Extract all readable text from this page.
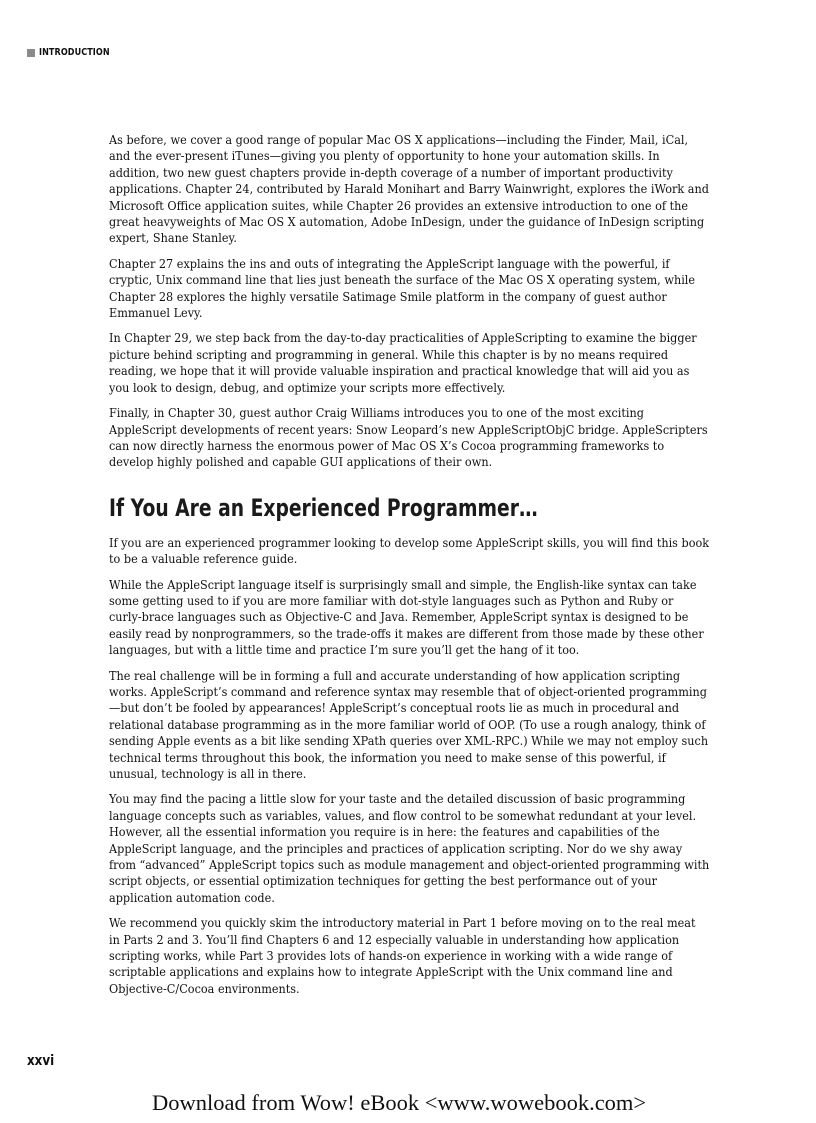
INTRODUCTION

As before, we cover a good range of popular Mac OS X applications—including the Finder, Mail, iCal, and the ever-present iTunes—giving you plenty of opportunity to hone your automation skills. In addition, two new guest chapters provide in-depth coverage of a number of important productivity applications. Chapter 24, contributed by Harald Monihart and Barry Wainwright, explores the iWork and Microsoft Office application suites, while Chapter 26 provides an extensive introduction to one of the great heavyweights of Mac OS X automation, Adobe InDesign, under the guidance of InDesign scripting expert, Shane Stanley.

Chapter 27 explains the ins and outs of integrating the AppleScript language with the powerful, if cryptic, Unix command line that lies just beneath the surface of the Mac OS X operating system, while Chapter 28 explores the highly versatile Satimage Smile platform in the company of guest author Emmanuel Levy.

In Chapter 29, we step back from the day-to-day practicalities of AppleScripting to examine the bigger picture behind scripting and programming in general. While this chapter is by no means required reading, we hope that it will provide valuable inspiration and practical knowledge that will aid you as you look to design, debug, and optimize your scripts more effectively.

Finally, in Chapter 30, guest author Craig Williams introduces you to one of the most exciting AppleScript developments of recent years: Snow Leopard’s new AppleScriptObjC bridge. AppleScripters can now directly harness the enormous power of Mac OS X’s Cocoa programming frameworks to develop highly polished and capable GUI applications of their own.

If You Are an Experienced Programmer…

If you are an experienced programmer looking to develop some AppleScript skills, you will find this book to be a valuable reference guide.

While the AppleScript language itself is surprisingly small and simple, the English-like syntax can take some getting used to if you are more familiar with dot-style languages such as Python and Ruby or curly-brace languages such as Objective-C and Java. Remember, AppleScript syntax is designed to be easily read by nonprogrammers, so the trade-offs it makes are different from those made by these other languages, but with a little time and practice I’m sure you’ll get the hang of it too.

The real challenge will be in forming a full and accurate understanding of how application scripting works. AppleScript’s command and reference syntax may resemble that of object-oriented programming—but don’t be fooled by appearances! AppleScript’s conceptual roots lie as much in procedural and relational database programming as in the more familiar world of OOP. (To use a rough analogy, think of sending Apple events as a bit like sending XPath queries over XML-RPC.) While we may not employ such technical terms throughout this book, the information you need to make sense of this powerful, if unusual, technology is all in there.

You may find the pacing a little slow for your taste and the detailed discussion of basic programming language concepts such as variables, values, and flow control to be somewhat redundant at your level. However, all the essential information you require is in here: the features and capabilities of the AppleScript language, and the principles and practices of application scripting. Nor do we shy away from “advanced” AppleScript topics such as module management and object-oriented programming with script objects, or essential optimization techniques for getting the best performance out of your application automation code.

We recommend you quickly skim the introductory material in Part 1 before moving on to the real meat in Parts 2 and 3. You’ll find Chapters 6 and 12 especially valuable in understanding how application scripting works, while Part 3 provides lots of hands-on experience in working with a wide range of scriptable applications and explains how to integrate AppleScript with the Unix command line and Objective-C/Cocoa environments.

xxvi
Download from Wow! eBook <www.wowebook.com>
